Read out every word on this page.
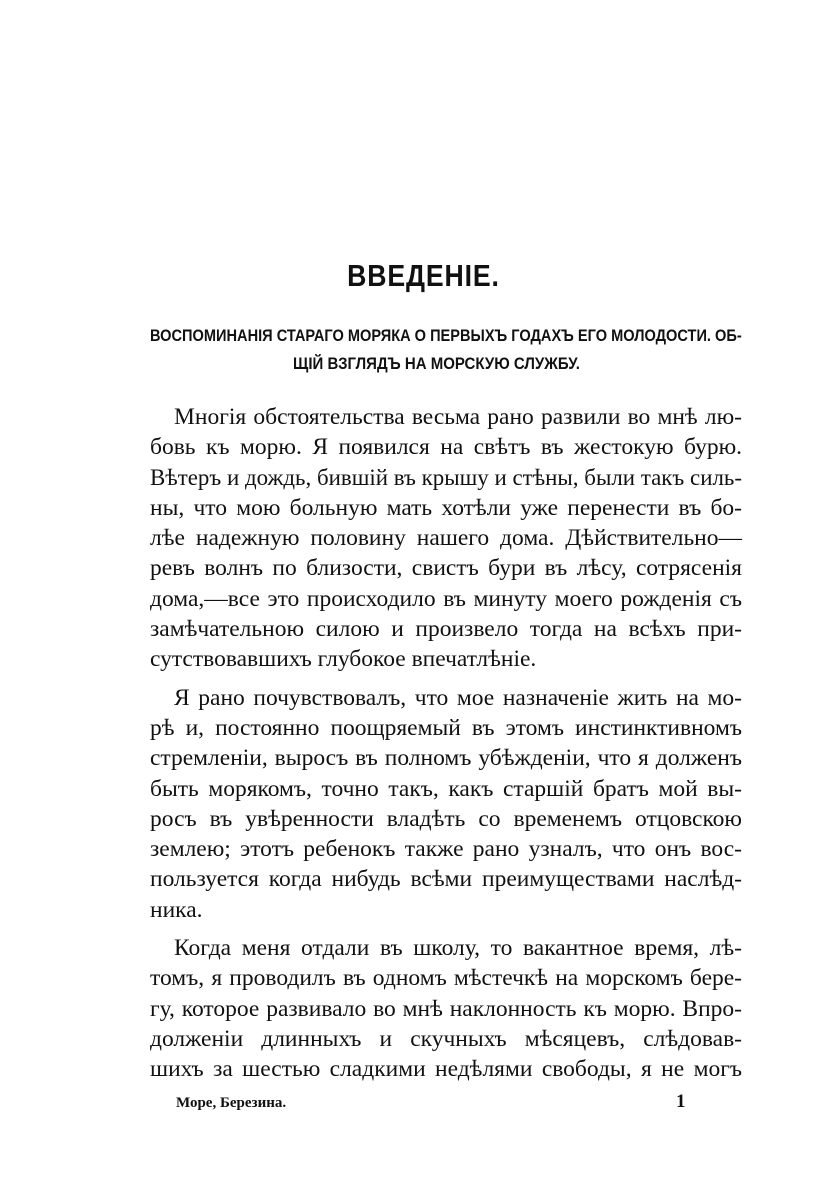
ВВЕДЕНІЕ.
ВОСПОМИНАНІЯ СТАРАГО МОРЯКА О ПЕРВЫХЪ ГОДАХЪ ЕГО МОЛОДОСТИ. ОБ-
ЩІЙ ВЗГЛЯДЪ НА МОРСКУЮ СЛУЖБУ.
Многія обстоятельства весьма рано развили во мнѣ лю-
бовь къ морю. Я появился на свѣтъ въ жестокую бурю.
Вѣтеръ и дождь, бившій въ крышу и стѣны, были такъ силь-
ны, что мою больную мать хотѣли уже перенести въ бо-
лѣе надежную половину нашего дома. Дѣйствительно—
ревъ волнъ по близости, свистъ бури въ лѣсу, сотрясенія
дома,—все это происходило въ минуту моего рожденія съ
замѣчательною силою и произвело тогда на всѣхъ при-
сутствовавшихъ глубокое впечатлѣніе.
Я рано почувствовалъ, что мое назначеніе жить на мо-
рѣ и, постоянно поощряемый въ этомъ инстинктивномъ
стремленіи, выросъ въ полномъ убѣжденіи, что я долженъ
быть морякомъ, точно такъ, какъ старшій братъ мой вы-
росъ въ увѣренности владѣть со временемъ отцовскою
землею; этотъ ребенокъ также рано узналъ, что онъ вос-
пользуется когда нибудь всѣми преимуществами наслѣд-
ника.
Когда меня отдали въ школу, то вакантное время, лѣ-
томъ, я проводилъ въ одномъ мѣстечкѣ на морскомъ бере-
гу, которое развивало во мнѣ наклонность къ морю. Впро-
долженіи длинныхъ и скучныхъ мѣсяцевъ, слѣдовав-
шихъ за шестью сладкими недѣлями свободы, я не могъ
Море, Березина.	1
